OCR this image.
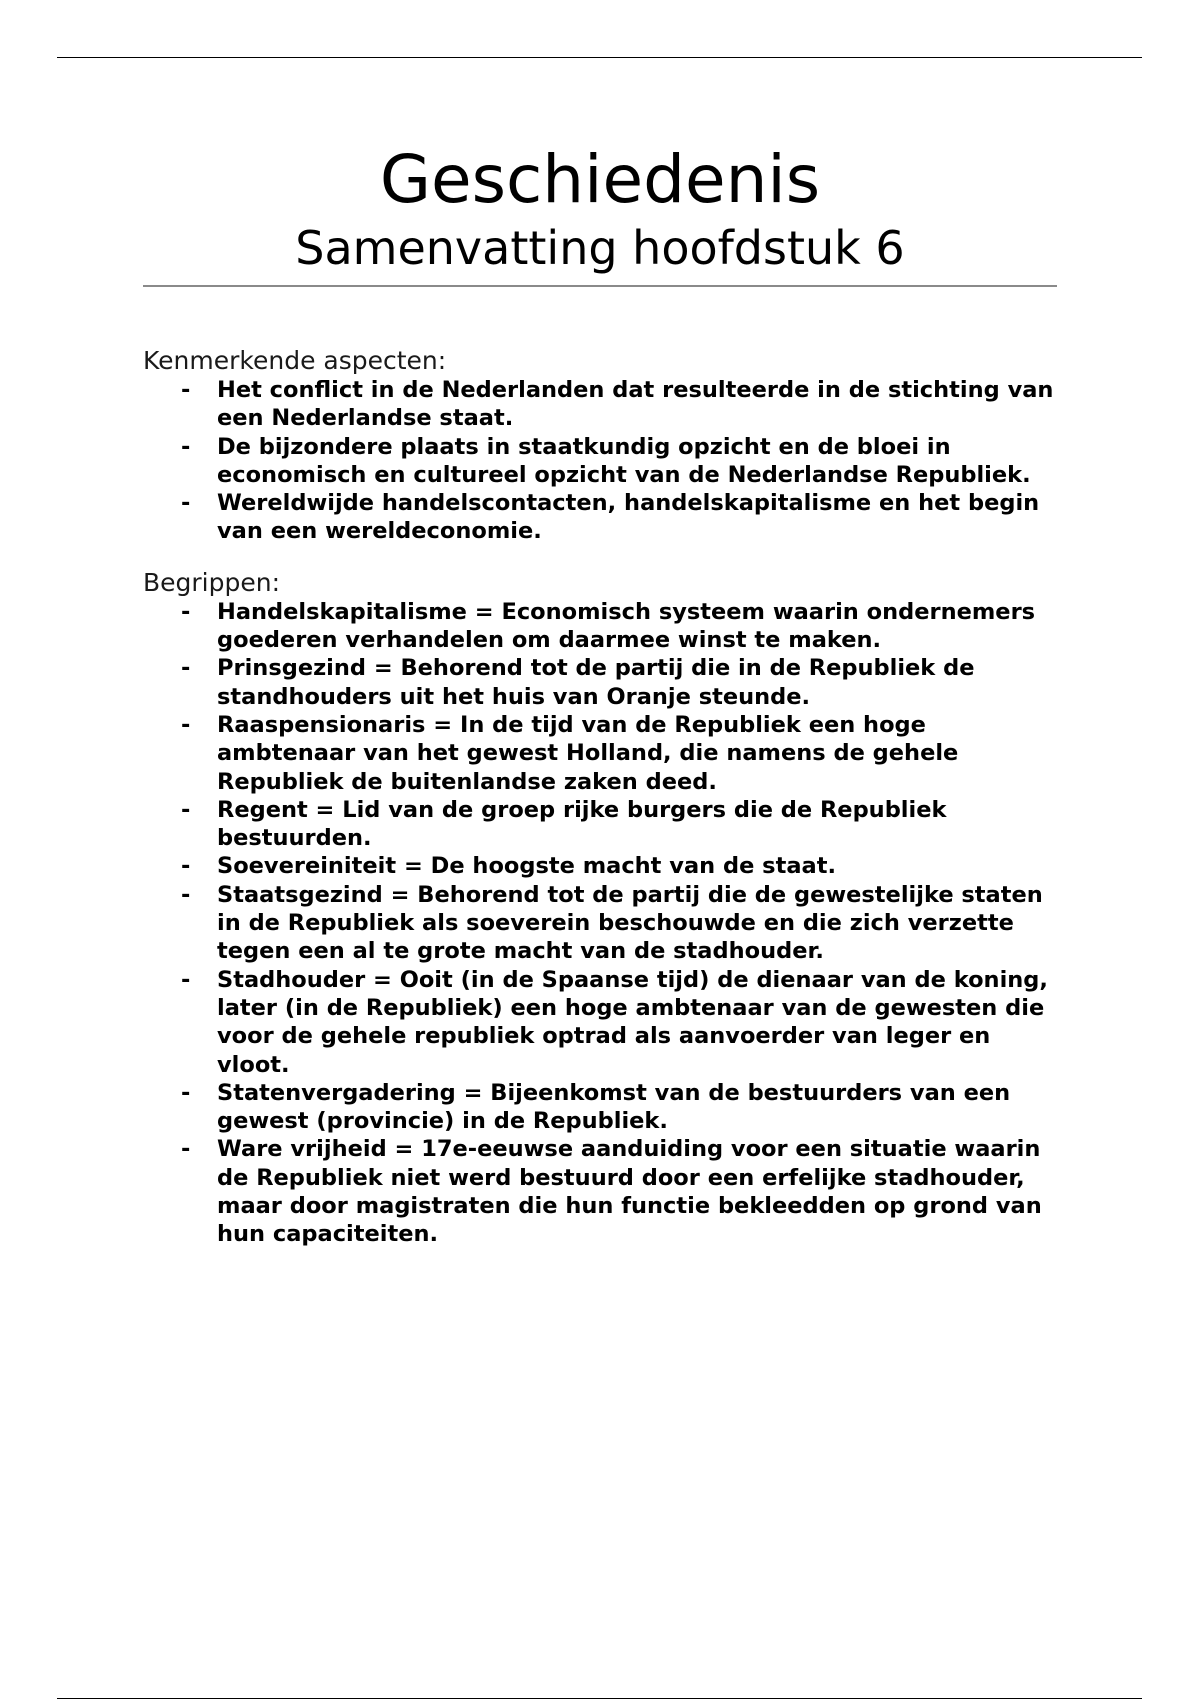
Geschiedenis
Samenvatting hoofdstuk 6
Kenmerkende aspecten:
- Het conflict in de Nederlanden dat resulteerde in de stichting van een Nederlandse staat.
- De bijzondere plaats in staatkundig opzicht en de bloei in economisch en cultureel opzicht van de Nederlandse Republiek.
- Wereldwijde handelscontacten, handelskapitalisme en het begin van een wereldeconomie.
Begrippen:
- Handelskapitalisme = Economisch systeem waarin ondernemers goederen verhandelen om daarmee winst te maken.
- Prinsgezind = Behorend tot de partij die in de Republiek de standhouders uit het huis van Oranje steunde.
- Raaspensionaris = In de tijd van de Republiek een hoge ambtenaar van het gewest Holland, die namens de gehele Republiek de buitenlandse zaken deed.
- Regent = Lid van de groep rijke burgers die de Republiek bestuurden.
- Soevereiniteit = De hoogste macht van de staat.
- Staatsgezind = Behorend tot de partij die de gewestelijke staten in de Republiek als soeverein beschouwde en die zich verzette tegen een al te grote macht van de stadhouder.
- Stadhouder = Ooit (in de Spaanse tijd) de dienaar van de koning, later (in de Republiek) een hoge ambtenaar van de gewesten die voor de gehele republiek optrad als aanvoerder van leger en vloot.
- Statenvergadering = Bijeenkomst van de bestuurders van een gewest (provincie) in de Republiek.
- Ware vrijheid = 17e-eeuwse aanduiding voor een situatie waarin de Republiek niet werd bestuurd door een erfelijke stadhouder, maar door magistraten die hun functie bekleedden op grond van hun capaciteiten.
